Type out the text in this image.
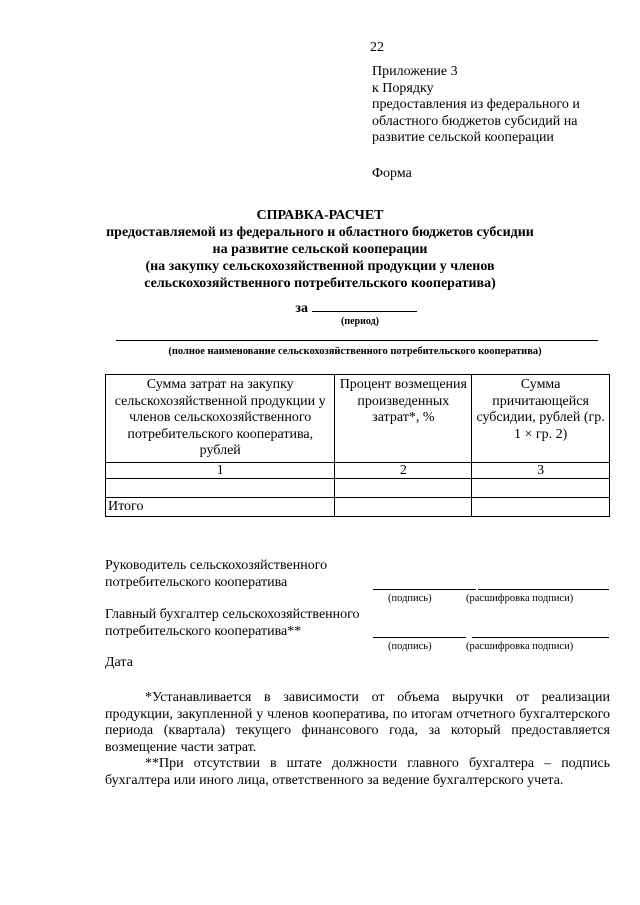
22
Приложение 3
к Порядку
предоставления из федерального и
областного бюджетов субсидий на
развитие сельской кооперации
Форма
СПРАВКА-РАСЧЕТ
предоставляемой из федерального и областного бюджетов субсидии
на развитие сельской кооперации
(на закупку сельскохозяйственной продукции у членов
сельскохозяйственного потребительского кооператива)
за
(период)
(полное наименование сельскохозяйственного потребительского кооператива)
Сумма затрат на закупку сельскохозяйственной продукции у членов сельскохозяйственного потребительского кооператива, рублей	Процент возмещения произведенных затрат*, %	Сумма причитающейся субсидии, рублей (гр. 1 × гр. 2)
1	2	3

Итого		
Руководитель сельскохозяйственного
потребительского кооператива
(подпись)	(расшифровка подписи)
Главный бухгалтер сельскохозяйственного
потребительского кооператива**
(подпись)	(расшифровка подписи)
Дата

*Устанавливается в зависимости от объема выручки от реализации продукции, закупленной у членов кооператива, по итогам отчетного бухгалтерского периода (квартала) текущего финансового года, за который предоставляется возмещение части затрат.

**При отсутствии в штате должности главного бухгалтера – подпись бухгалтера или иного лица, ответственного за ведение бухгалтерского учета.
